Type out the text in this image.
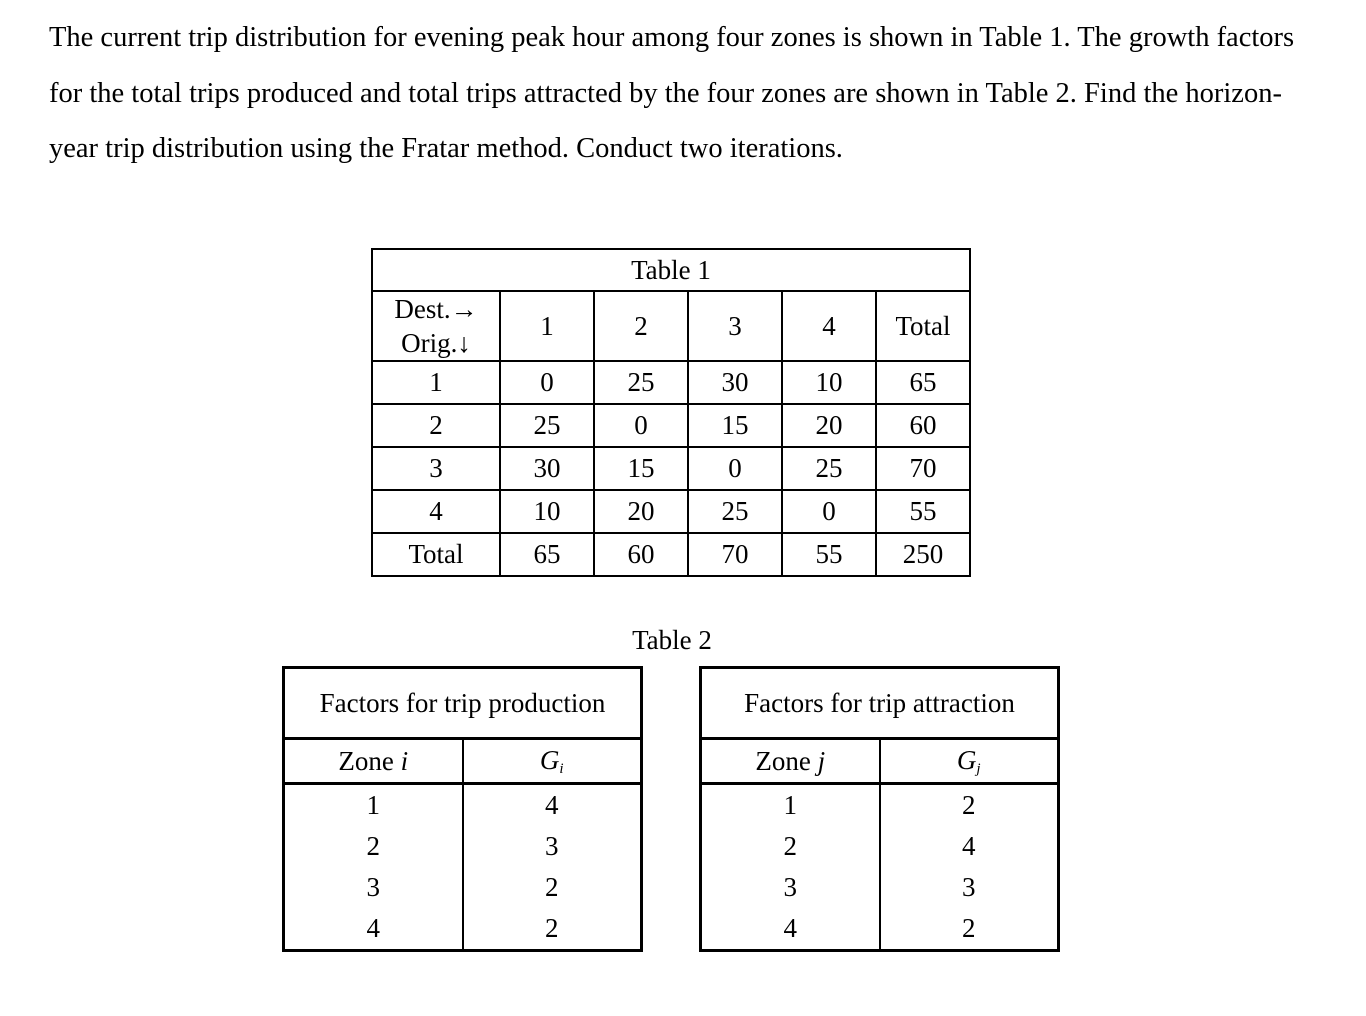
The current trip distribution for evening peak hour among four zones is shown in Table 1. The growth factors for the total trips produced and total trips attracted by the four zones are shown in Table 2. Find the horizon-year trip distribution using the Fratar method. Conduct two iterations.

Table 1					

Dest.→
Orig.↓	1	2	3	4	Total
1	0	25	30	10	65
2	25	0	15	20	60
3	30	15	0	25	70
4	10	20	25	0	55
Total	65	60	70	55	250
Table 2
Factors for trip production	
Zone i	$G_i$
1	4
2	3
3	2
4	2
Factors for trip attraction	
Zone j	$G_j$
1	2
2	4
3	3
4	2
